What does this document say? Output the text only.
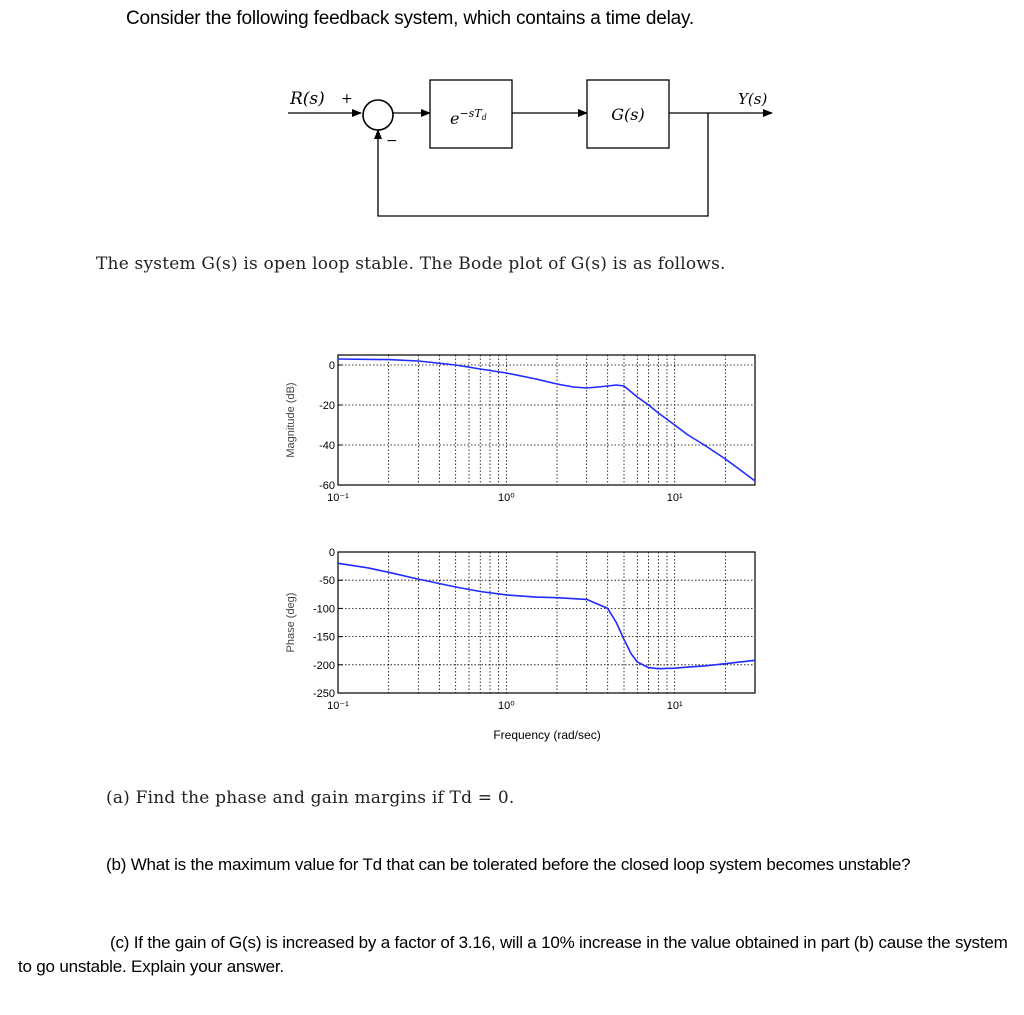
Consider the following feedback system, which contains a time delay.
R(s) +
−
$e^{-sT}d$	G(s)
Y(s)
The system G(s) is open loop stable. The Bode plot of G(s) is as follows.
0
-20
-40
-60
10⁻¹	10⁰	10¹
Magnitude (dB)
0
-50
-100
-150
-200
-250
10⁻¹	10⁰	10¹
Phase (deg)
Frequency (rad/sec)
(a) Find the phase and gain margins if Td = 0.
(b) What is the maximum value for Td that can be tolerated before the closed loop system becomes unstable?
(c) If the gain of G(s) is increased by a factor of 3.16, will a 10% increase in the value obtained in part (b) cause the system to go unstable. Explain your answer.
